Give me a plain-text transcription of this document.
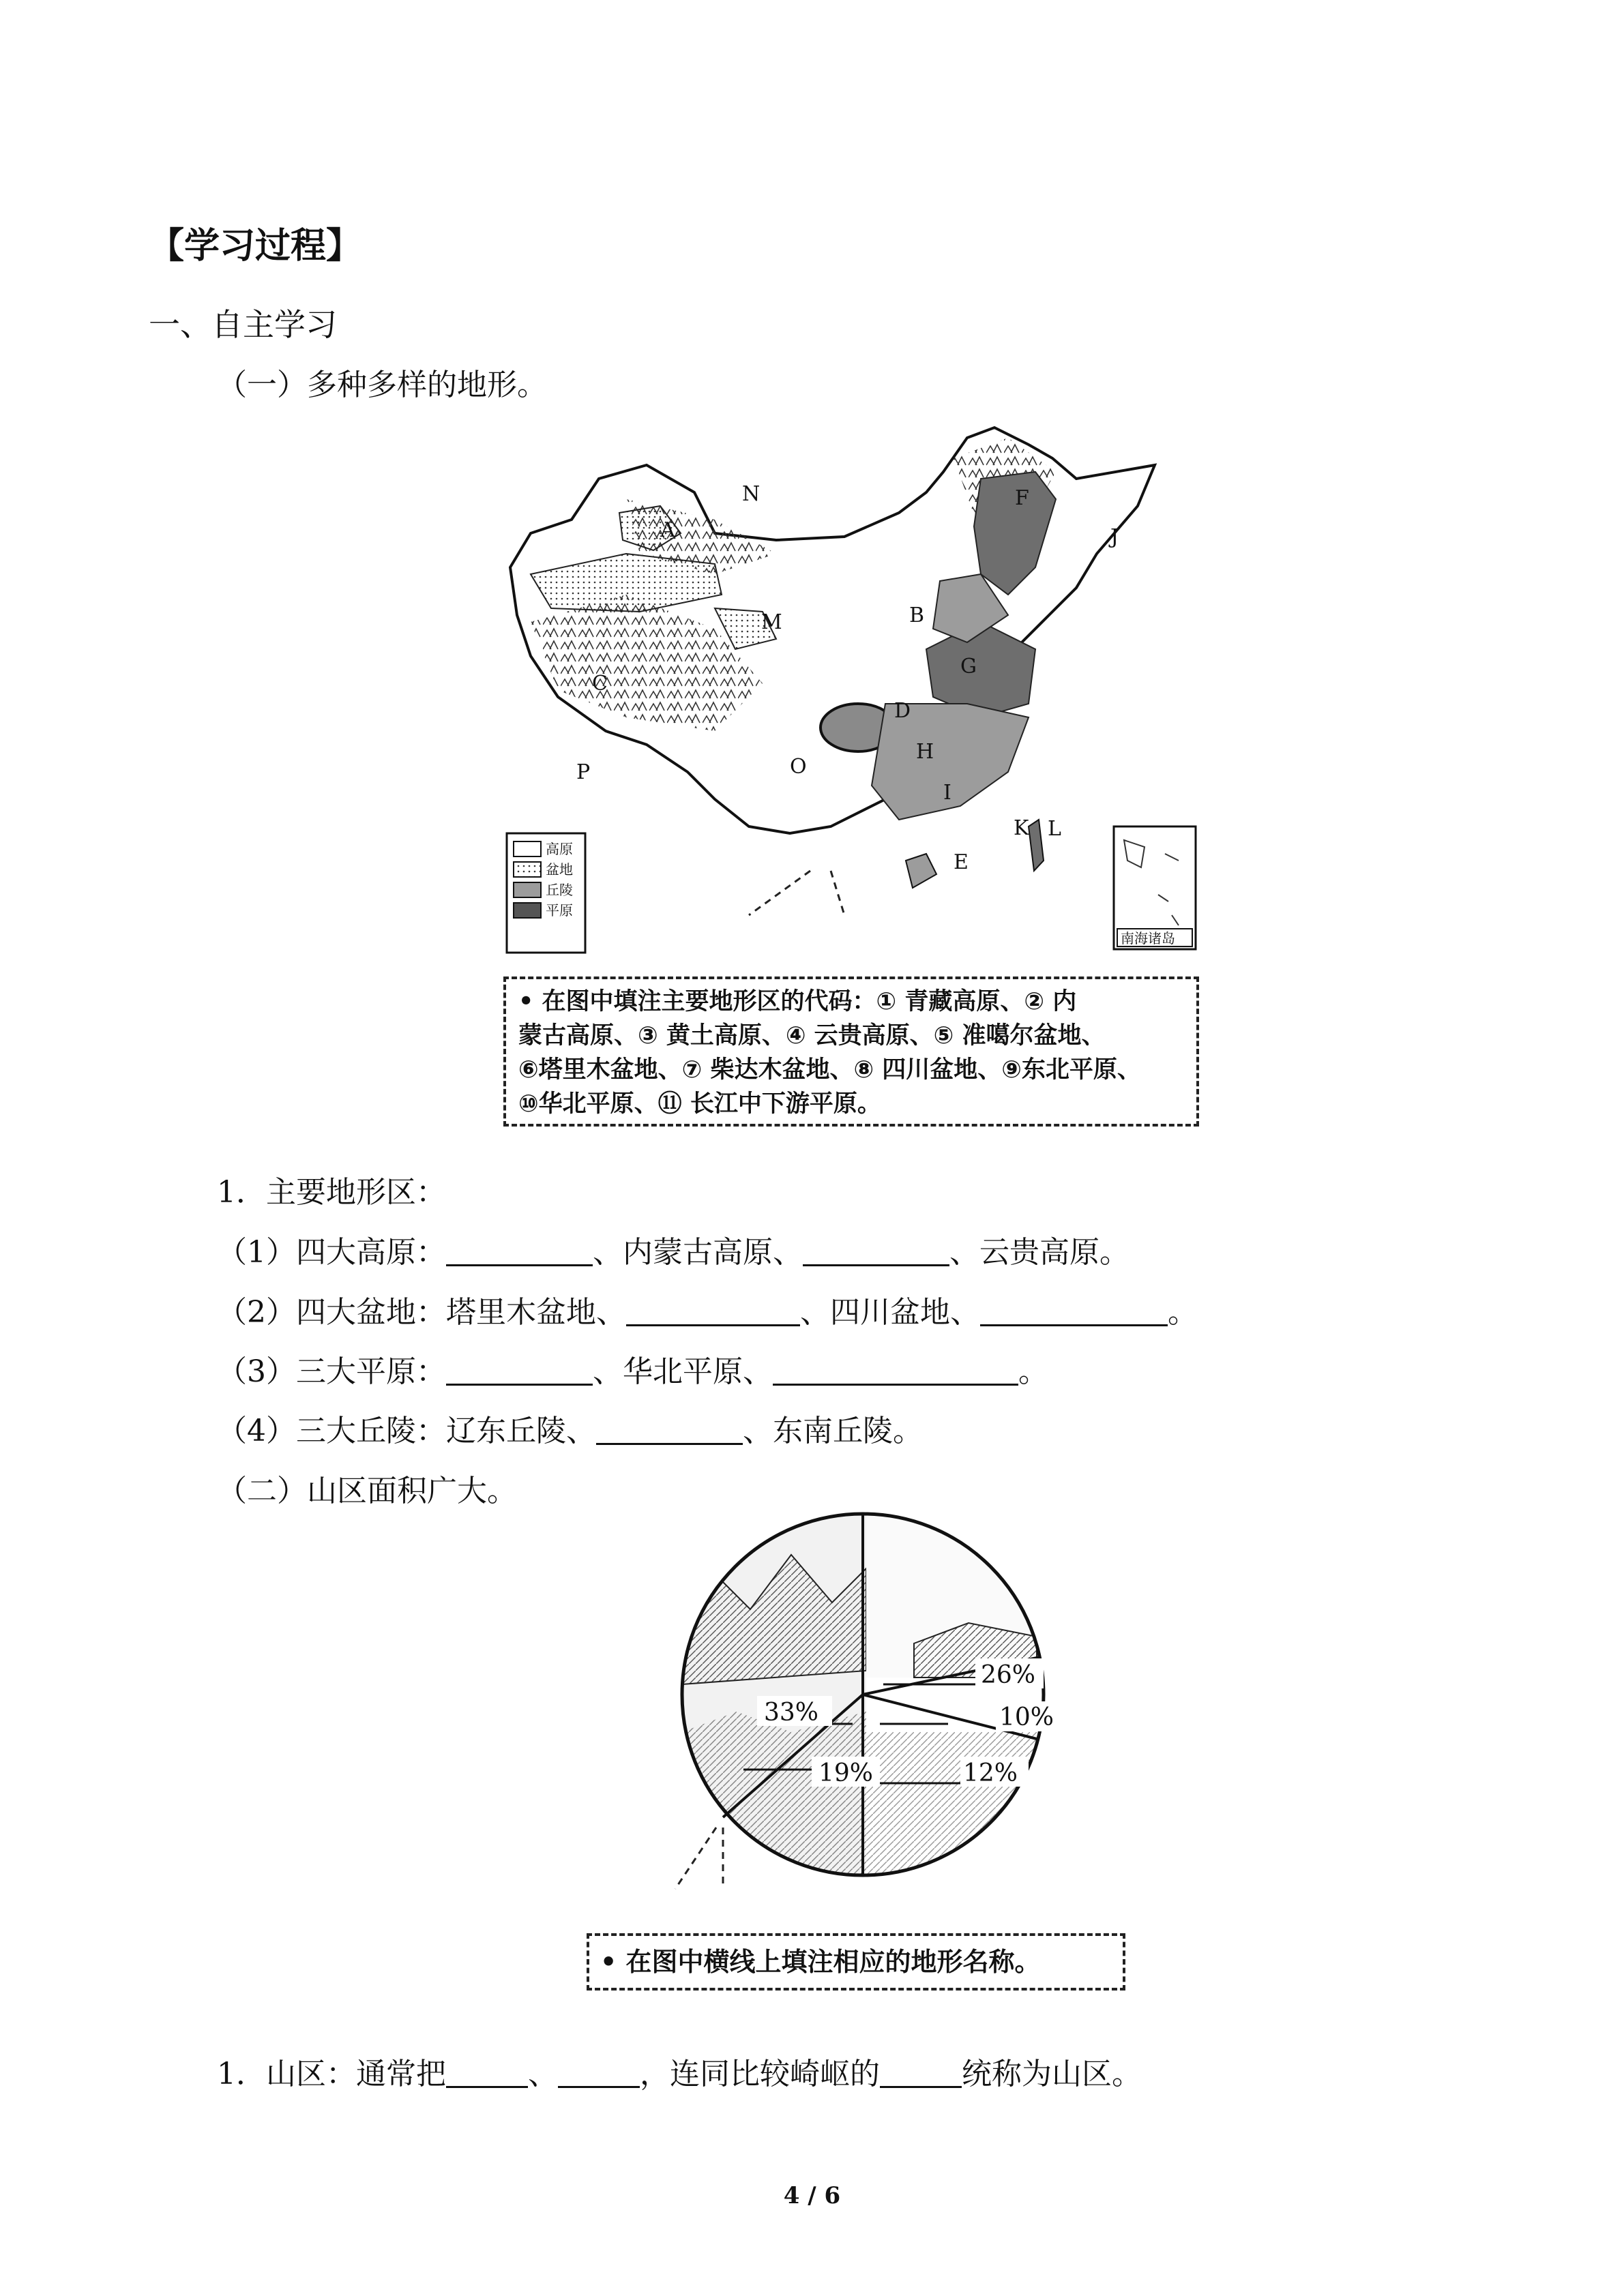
【学习过程】
一、自主学习
（一）多种多样的地形。
N
A
F
J
B
M
C
G
D
H
O
P
I
K L
E
高原
盆地
丘陵
平原
南海诸岛
• 在图中填注主要地形区的代码：① 青藏高原、② 内
蒙古高原、③ 黄土高原、④ 云贵高原、⑤ 准噶尔盆地、
⑥塔里木盆地、⑦ 柴达木盆地、⑧ 四川盆地、⑨东北平原、
⑩华北平原、⑪ 长江中下游平原。
1．主要地形区：
（1）四大高原：	、内蒙古高原、	、云贵高原。
（2）四大盆地：塔里木盆地、	、四川盆地、	。
（3）三大平原：	、华北平原、	。
（4）三大丘陵：辽东丘陵、	、东南丘陵。
（二）山区面积广大。
33%
26%
10%
19%	12%
• 在图中横线上填注相应的地形名称。
1．山区：通常把	、	，连同比较崎岖的	统称为山区。
4 / 6
